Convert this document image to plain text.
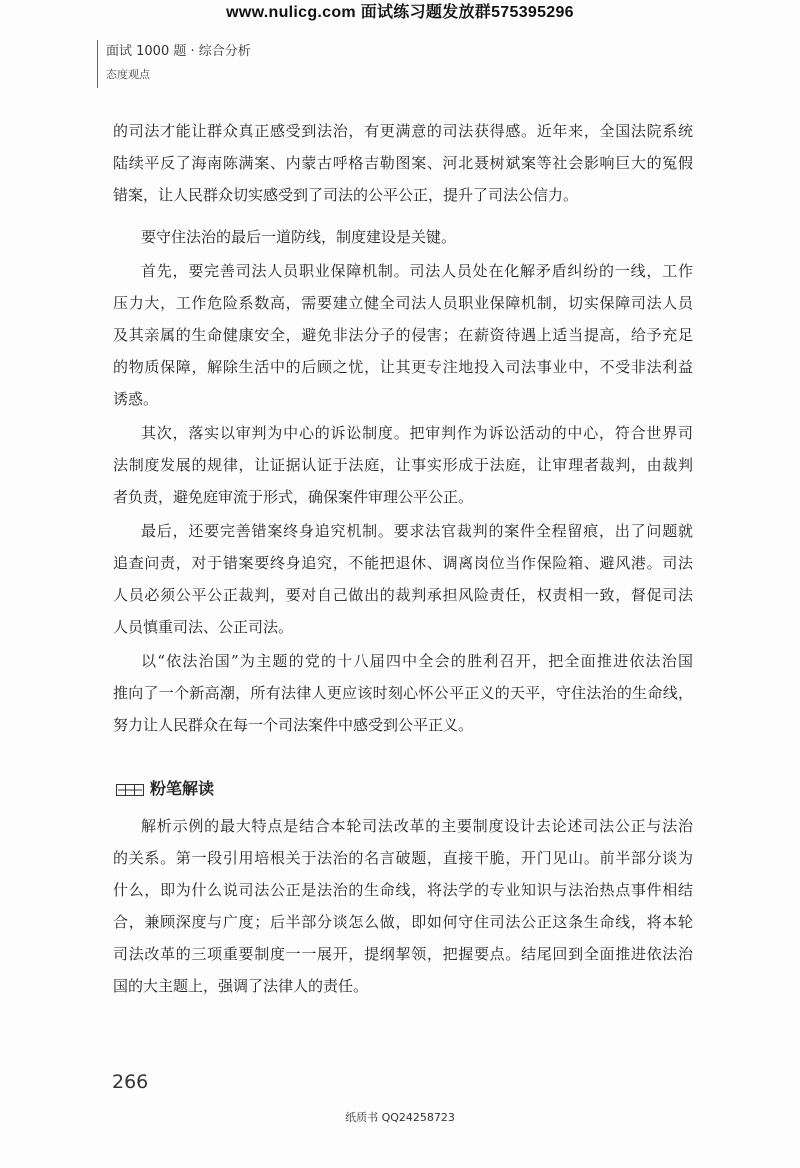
www.nulicg.com 面试练习题发放群575395296
面试 1000 题 · 综合分析
态度观点
的司法才能让群众真正感受到法治，有更满意的司法获得感。近年来，全国法院系统
陆续平反了海南陈满案、内蒙古呼格吉勒图案、河北聂树斌案等社会影响巨大的冤假
错案，让人民群众切实感受到了司法的公平公正，提升了司法公信力。
要守住法治的最后一道防线，制度建设是关键。
首先，要完善司法人员职业保障机制。司法人员处在化解矛盾纠纷的一线，工作
压力大，工作危险系数高，需要建立健全司法人员职业保障机制，切实保障司法人员
及其亲属的生命健康安全，避免非法分子的侵害；在薪资待遇上适当提高，给予充足
的物质保障，解除生活中的后顾之忧，让其更专注地投入司法事业中，不受非法利益
诱惑。
其次，落实以审判为中心的诉讼制度。把审判作为诉讼活动的中心，符合世界司
法制度发展的规律，让证据认证于法庭，让事实形成于法庭，让审理者裁判，由裁判
者负责，避免庭审流于形式，确保案件审理公平公正。
最后，还要完善错案终身追究机制。要求法官裁判的案件全程留痕，出了问题就
追查问责，对于错案要终身追究，不能把退休、调离岗位当作保险箱、避风港。司法
人员必须公平公正裁判，要对自己做出的裁判承担风险责任，权责相一致，督促司法
人员慎重司法、公正司法。
以“依法治国”为主题的党的十八届四中全会的胜利召开，把全面推进依法治国
推向了一个新高潮，所有法律人更应该时刻心怀公平正义的天平，守住法治的生命线，
努力让人民群众在每一个司法案件中感受到公平正义。
粉笔解读
解析示例的最大特点是结合本轮司法改革的主要制度设计去论述司法公正与法治
的关系。第一段引用培根关于法治的名言破题，直接干脆，开门见山。前半部分谈为
什么，即为什么说司法公正是法治的生命线，将法学的专业知识与法治热点事件相结
合，兼顾深度与广度；后半部分谈怎么做，即如何守住司法公正这条生命线，将本轮
司法改革的三项重要制度一一展开，提纲挈领，把握要点。结尾回到全面推进依法治
国的大主题上，强调了法律人的责任。
266
纸质书 QQ24258723
